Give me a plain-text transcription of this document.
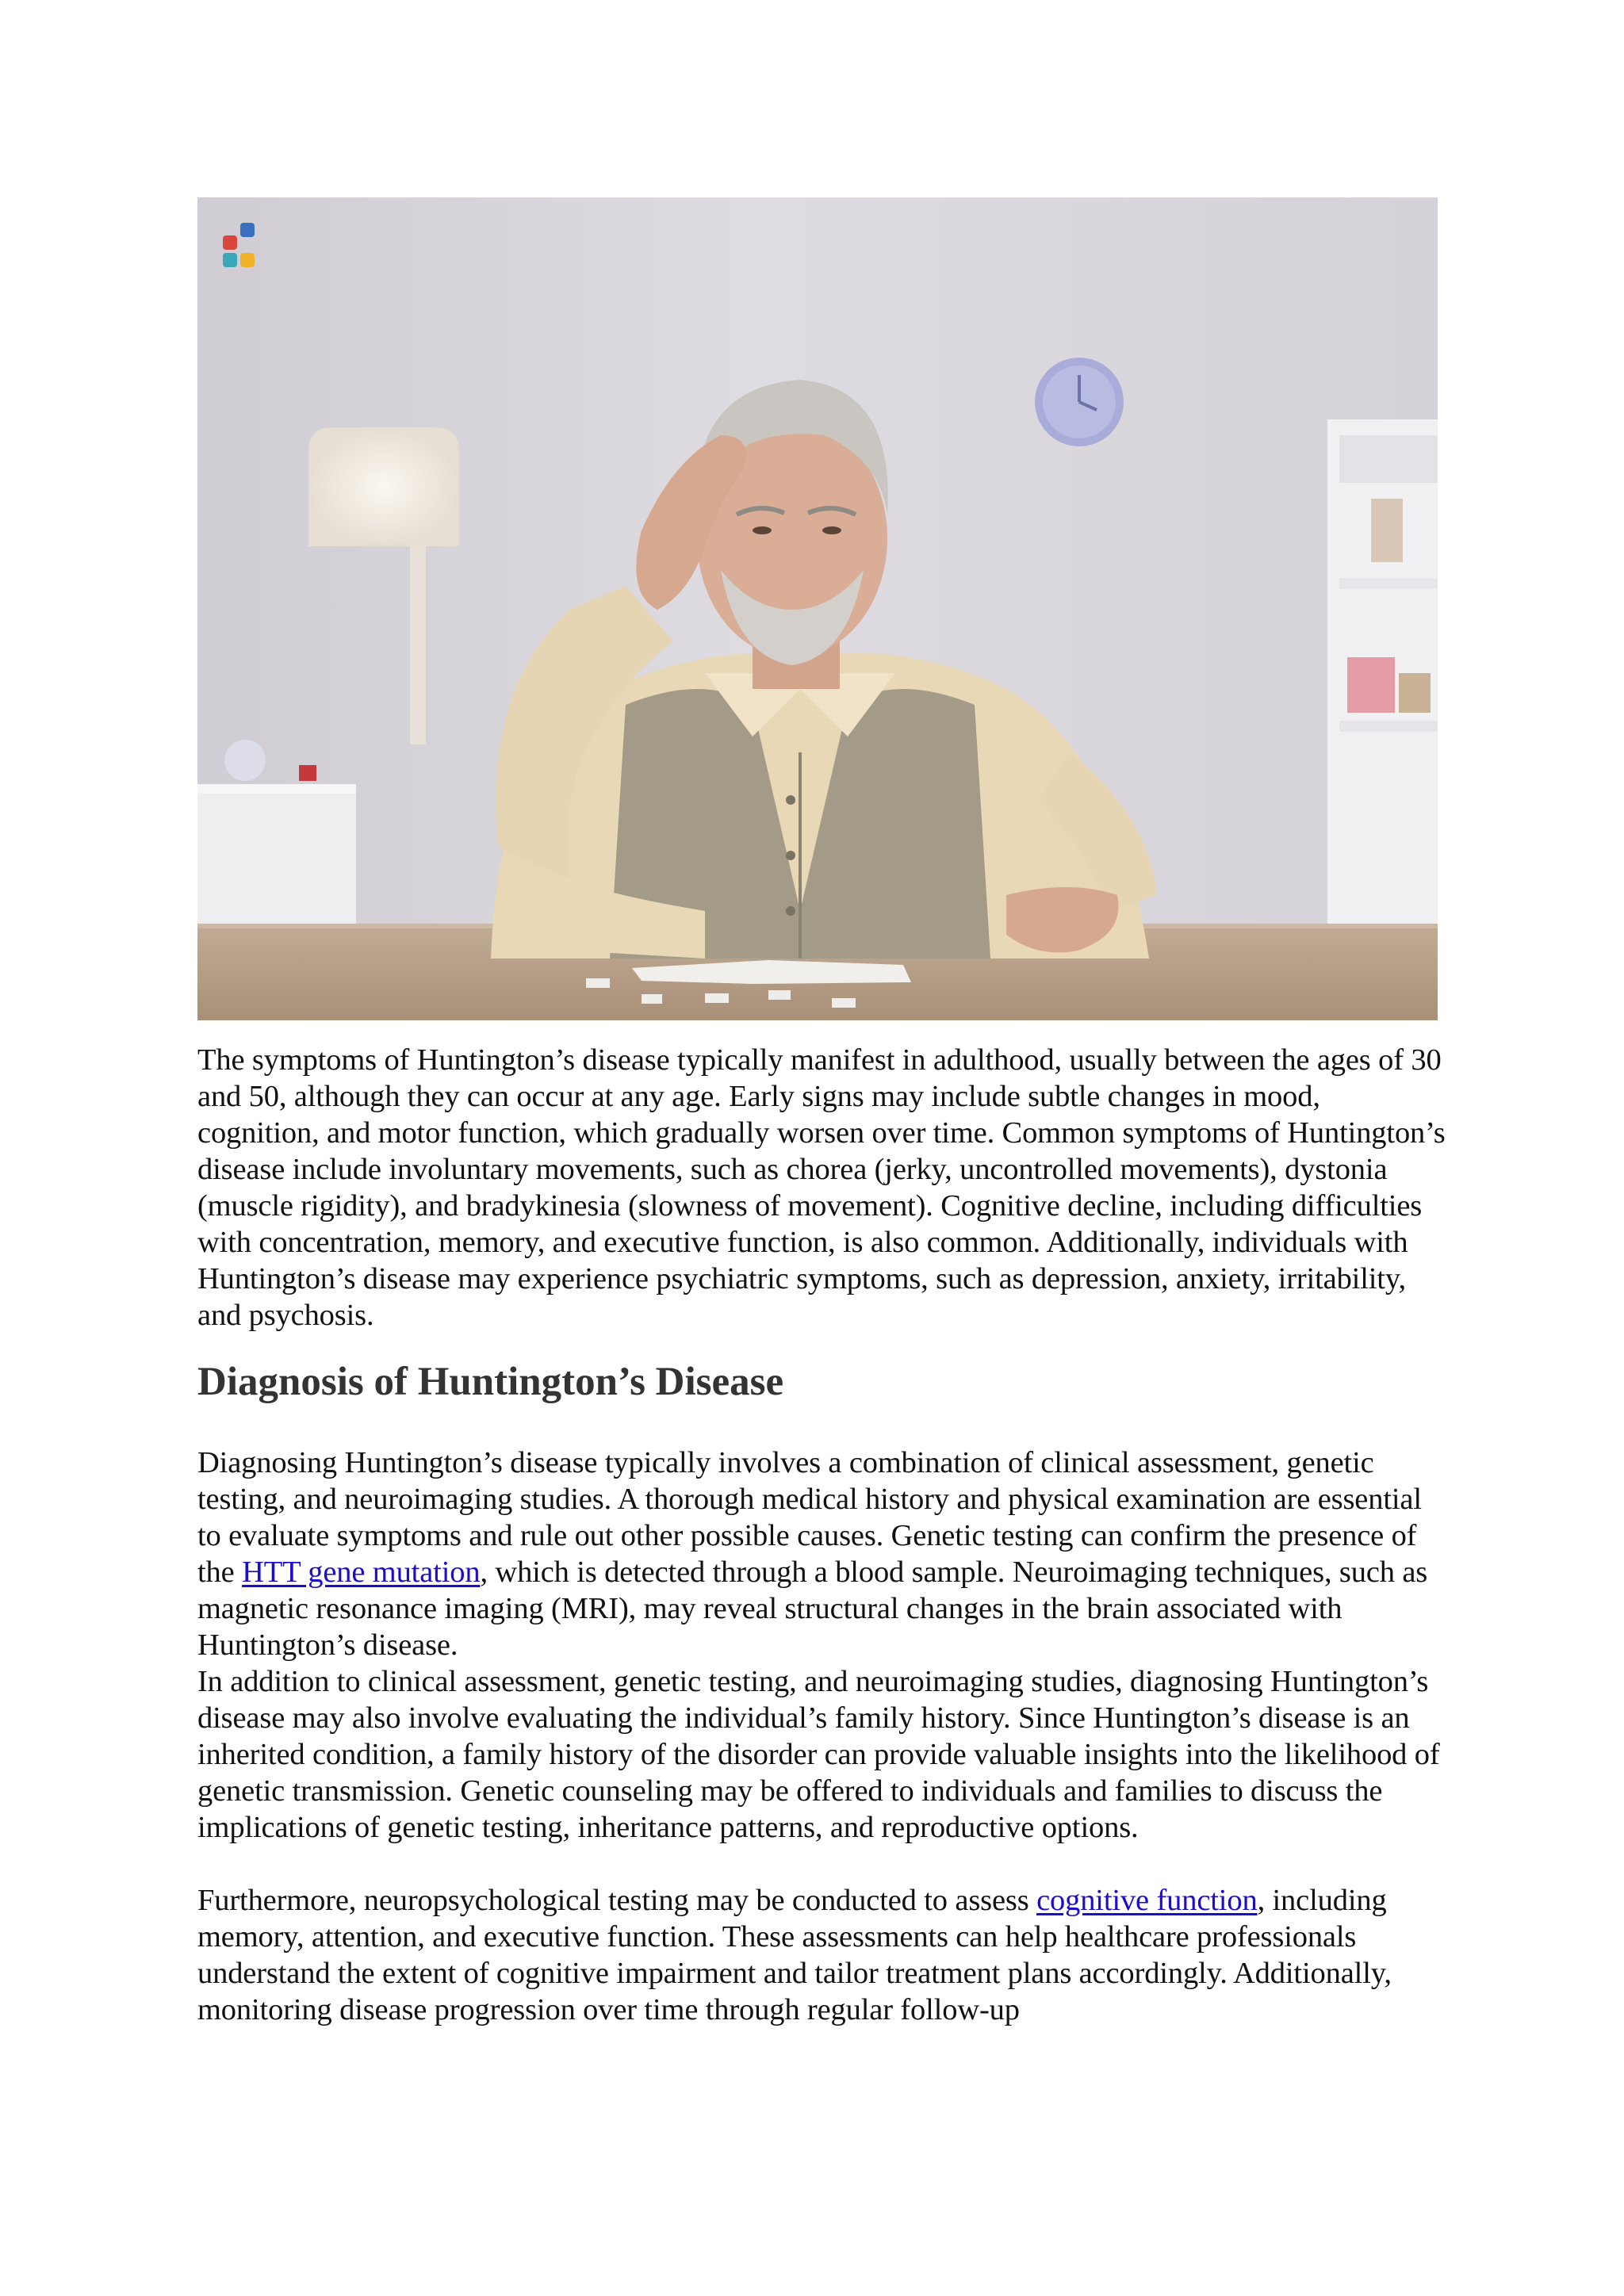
The symptoms of Huntington’s disease typically manifest in adulthood, usually between the ages of 30 and 50, although they can occur at any age. Early signs may include subtle changes in mood, cognition, and motor function, which gradually worsen over time. Common symptoms of Huntington’s disease include involuntary movements, such as chorea (jerky, uncontrolled movements), dystonia (muscle rigidity), and bradykinesia (slowness of movement). Cognitive decline, including difficulties with concentration, memory, and executive function, is also common. Additionally, individuals with Huntington’s disease may experience psychiatric symptoms, such as depression, anxiety, irritability, and psychosis.

Diagnosis of Huntington’s Disease

Diagnosing Huntington’s disease typically involves a combination of clinical assessment, genetic testing, and neuroimaging studies. A thorough medical history and physical examination are essential to evaluate symptoms and rule out other possible causes. Genetic testing can confirm the presence of the HTT gene mutation, which is detected through a blood sample. Neuroimaging techniques, such as magnetic resonance imaging (MRI), may reveal structural changes in the brain associated with Huntington’s disease.

In addition to clinical assessment, genetic testing, and neuroimaging studies, diagnosing Huntington’s disease may also involve evaluating the individual’s family history. Since Huntington’s disease is an inherited condition, a family history of the disorder can provide valuable insights into the likelihood of genetic transmission. Genetic counseling may be offered to individuals and families to discuss the implications of genetic testing, inheritance patterns, and reproductive options.

Furthermore, neuropsychological testing may be conducted to assess cognitive function, including memory, attention, and executive function. These assessments can help healthcare professionals understand the extent of cognitive impairment and tailor treatment plans accordingly. Additionally, monitoring disease progression over time through regular follow-up
